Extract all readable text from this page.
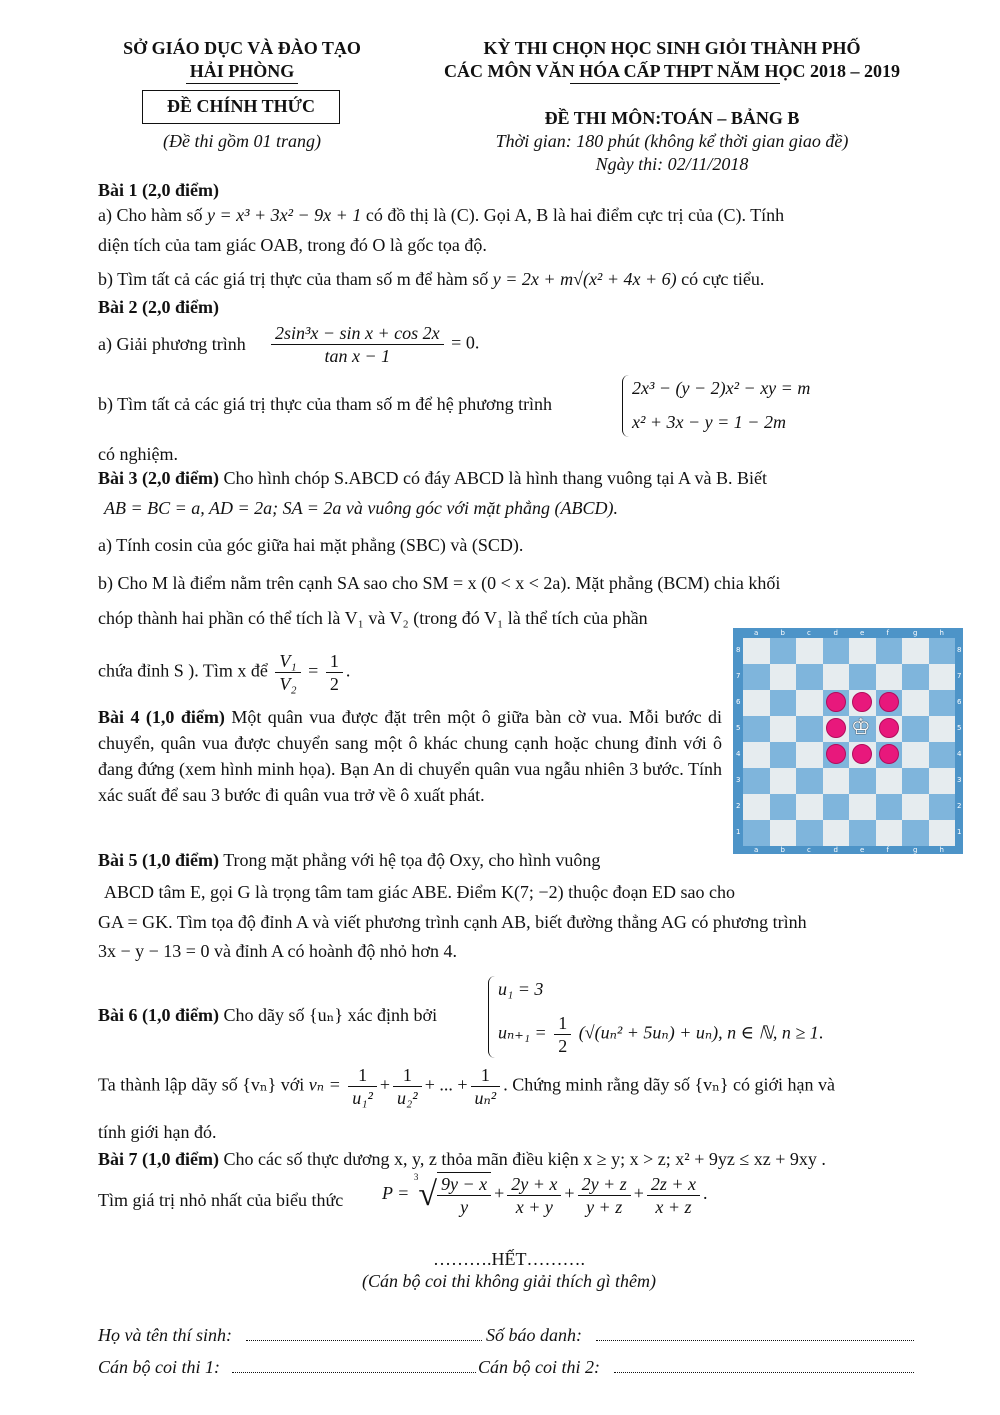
SỞ GIÁO DỤC VÀ ĐÀO TẠO
HẢI PHÒNG
KỲ THI CHỌN HỌC SINH GIỎI THÀNH PHỐ
CÁC MÔN VĂN HÓA CẤP THPT NĂM HỌC 2018 – 2019
ĐỀ CHÍNH THỨC
(Đề thi gồm 01 trang)
ĐỀ THI MÔN:TOÁN – BẢNG B
Thời gian: 180 phút (không kể thời gian giao đề)
Ngày thi: 02/11/2018
Bài 1 (2,0 điểm)
a) Cho hàm số y = x³ + 3x² − 9x + 1 có đồ thị là (C). Gọi A, B là hai điểm cực trị của (C). Tính
diện tích của tam giác OAB, trong đó O là gốc tọa độ.
b) Tìm tất cả các giá trị thực của tham số m để hàm số y = 2x + m√(x² + 4x + 6) có cực tiểu.
Bài 2 (2,0 điểm)
a) Giải phương trình $\frac{\text{2sin³x − sin x + cos 2x}}{\text{tan x − 1}} = 0$.
b) Tìm tất cả các giá trị thực của tham số m để hệ phương trình
2x³ − (y − 2)x² − xy = m
x² + 3x − y = 1 − 2m
có nghiệm.
Bài 3 (2,0 điểm) Cho hình chóp S.ABCD có đáy ABCD là hình thang vuông tại A và B. Biết
AB = BC = a, AD = 2a; SA = 2a và vuông góc với mặt phẳng (ABCD).
a) Tính cosin của góc giữa hai mặt phẳng (SBC) và (SCD).
b) Cho M là điểm nằm trên cạnh SA sao cho SM = x (0 < x < 2a). Mặt phẳng (BCM) chia khối
chóp thành hai phần có thể tích là V₁ và V₂ (trong đó V₁ là thể tích của phần
chứa đỉnh S ). Tìm x để $\frac{\text{V₁}}{\text{V₂}} = \frac{1}{2}$ .
Bài 4 (1,0 điểm) Một quân vua được đặt trên một ô giữa bàn cờ vua. Mỗi bước di chuyển, quân vua được chuyển sang một ô khác chung cạnh hoặc chung đỉnh với ô đang đứng (xem hình minh họa). Bạn An di chuyển quân vua ngẫu nhiên 3 bước. Tính xác suất để sau 3 bước đi quân vua trở về ô xuất phát.
♔
a
a
b
b
c
c
d
d
e
e
f
f
g
g
h
h
8	8
7	7
6	6
5	5
4	4
3	3
2	2
1	1
Bài 5 (1,0 điểm) Trong mặt phẳng với hệ tọa độ Oxy, cho hình vuông
ABCD tâm E, gọi G là trọng tâm tam giác ABE. Điểm K(7; −2) thuộc đoạn ED sao cho
GA = GK. Tìm tọa độ đỉnh A và viết phương trình cạnh AB, biết đường thẳng AG có phương trình
3x − y − 13 = 0 và đỉnh A có hoành độ nhỏ hơn 4.
Bài 6 (1,0 điểm) Cho dãy số {uₙ} xác định bởi
u₁ = 3
$u_{n+1} = \frac{1}{2} (√(u_n^2 + 5u_n) + u_n)$, n ∈ ℕ, n ≥ 1.
Ta thành lập dãy số {vₙ} với $v_n = \frac{1}{\text{u₁²}} + \frac{1}{\text{u₂²}}$ + ... + $\frac{1}{\text{uₙ²}}$ . Chứng minh rằng dãy số {vₙ} có giới hạn và
tính giới hạn đó.
Bài 7 (1,0 điểm) Cho các số thực dương x, y, z thỏa mãn điều kiện x ≥ y; x > z; x² + 9yz ≤ xz + 9xy .
Tìm giá trị nhỏ nhất của biểu thức $P = ^3√ \frac{9y - x}{y} + \frac{2y + x}{x + y} + \frac{2y + z}{y + z} + \frac{2z + x}{x + z}$ .
……….HẾT……….
(Cán bộ coi thi không giải thích gì thêm)
Họ và tên thí sinh:	Số báo danh:
Cán bộ coi thi 1:	Cán bộ coi thi 2:
